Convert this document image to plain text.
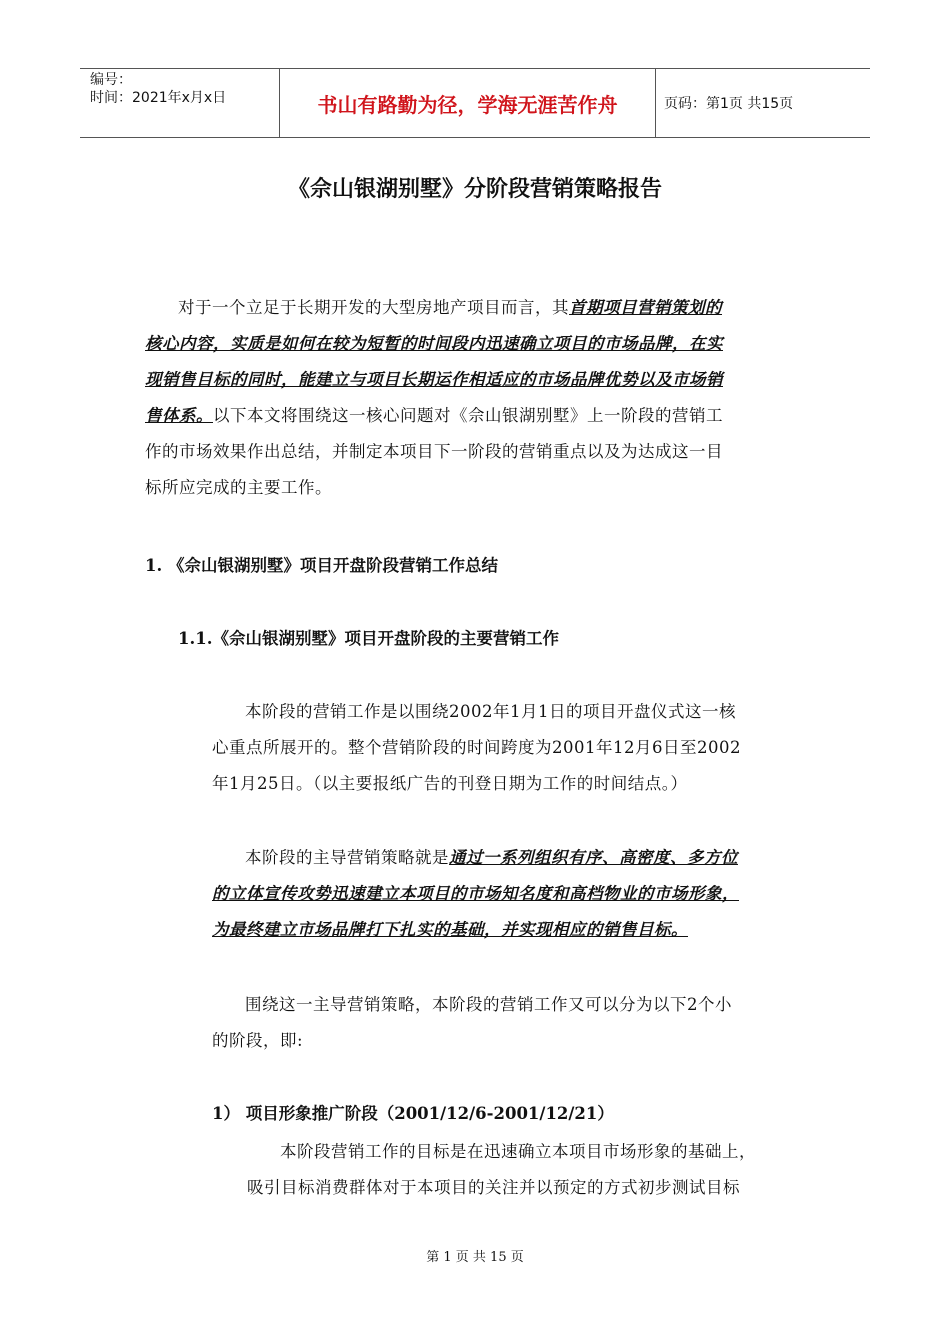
编号：
时间：2021年x月x日	书山有路勤为径，学海无涯苦作舟	页码：第1页 共15页
《佘山银湖别墅》分阶段营销策略报告
对于一个立足于长期开发的大型房地产项目而言，其首期项目营销策划的
核心内容，实质是如何在较为短暂的时间段内迅速确立项目的市场品牌，在实
现销售目标的同时，能建立与项目长期运作相适应的市场品牌优势以及市场销
售体系。以下本文将围绕这一核心问题对《佘山银湖别墅》上一阶段的营销工
作的市场效果作出总结，并制定本项目下一阶段的营销重点以及为达成这一目
标所应完成的主要工作。
1. 《佘山银湖别墅》项目开盘阶段营销工作总结
1.1.《佘山银湖别墅》项目开盘阶段的主要营销工作
本阶段的营销工作是以围绕2002年1月1日的项目开盘仪式这一核
心重点所展开的。整个营销阶段的时间跨度为2001年12月6日至2002
年1月25日。（以主要报纸广告的刊登日期为工作的时间结点。）
本阶段的主导营销策略就是通过一系列组织有序、高密度、多方位
的立体宣传攻势迅速建立本项目的市场知名度和高档物业的市场形象，
为最终建立市场品牌打下扎实的基础，并实现相应的销售目标。
围绕这一主导营销策略，本阶段的营销工作又可以分为以下2个小
的阶段，即:
1） 项目形象推广阶段（2001/12/6-2001/12/21）
本阶段营销工作的目标是在迅速确立本项目市场形象的基础上，
吸引目标消费群体对于本项目的关注并以预定的方式初步测试目标
第 1 页 共 15 页
